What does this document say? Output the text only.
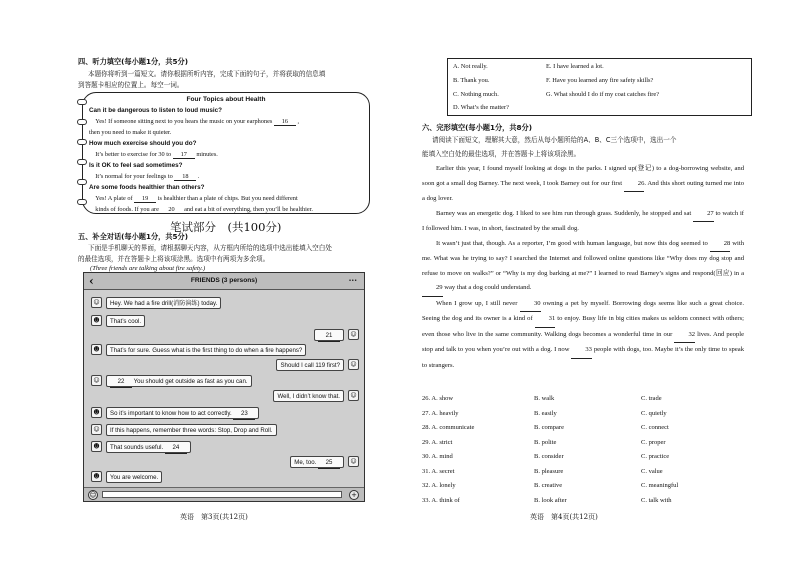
四、听力填空(每小题1分，共5分)
本题你将听到一篇短文。请你根据所听内容，完成下面的句子，并将获取的信息填
到答题卡相应的位置上。每空一词。
Four Topics about Health
Can it be dangerous to listen to loud music?
Yes! If someone sitting next to you hears the music on your earphones 16 ,
then you need to make it quieter.
How much exercise should you do?
It’s better to exercise for 30 to 17 minutes.
Is it OK to feel sad sometimes?
It’s normal for your feelings to 18 .
Are some foods healthier than others?
Yes! A plate of 19 is healthier than a plate of chips. But you need different
kinds of foods. If you are 20 and eat a bit of everything, then you’ll be healthier.
笔试部分　(共100分)
五、补全对话(每小题1分，共5分)
下面是手机聊天的界面，请根据聊天内容，从方框内所给的选项中选出能填入空白处
的最佳选项，并在答题卡上将该项涂黑。选项中有两项为多余项。
(Three friends are talking about fire safety.)
‹	FRIENDS (3 persons)	···
☺	Hey. We had a fire drill(消防演练) today.
☻	That’s cool.
☺
21
☻	That’s for sure. Guess what is the first thing to do when a fire happens?
☺
Should I call 119 first?
☺	22 You should get outside as fast as you can.
☺
Well, I didn’t know that.
☻	So it’s important to know how to act correctly. 23
☺	If this happens, remember three words: Stop, Drop and Roll.
☻	That sounds useful. 24
☺
Me, too. 25
☻	You are welcome.
☺	+
英语　第3页(共12页)
A. Not really.	E. I have learned a lot.
B. Thank you.	F. Have you learned any fire safety skills?
C. Nothing much.	G. What should I do if my coat catches fire?
D. What’s the matter?
六、完形填空(每小题1分，共8分)
请阅读下面短文，理解其大意，然后从每小题所给的A、B、C三个选项中，选出一个
能填入空白处的最佳选项，并在答题卡上将该项涂黑。

Earlier this year, I found myself looking at dogs in the parks. I signed up(登记) to a dog-borrowing website, and soon got a small dog Barney. The next week, I took Barney out for our first 26. And this short outing turned me into a dog lover.

Barney was an energetic dog. I liked to see him run through grass. Suddenly, he stopped and sat 27 to watch if I followed him. I was, in short, fascinated by the small dog.

It wasn’t just that, though. As a reporter, I’m good with human language, but now this dog seemed to 28 with me. What was he trying to say? I searched the Internet and followed online questions like “Why does my dog stop and refuse to move on walks?” or “Why is my dog barking at me?” I learned to read Barney’s signs and respond(回应) in a 29 way that a dog could understand.

When I grow up, I still never 30 owning a pet by myself. Borrowing dogs seems like such a great choice. Seeing the dog and its owner is a kind of 31 to enjoy. Busy life in big cities makes us seldom connect with others; even those who live in the same community. Walking dogs becomes a wonderful time in our 32 lives. And people stop and talk to you when you’re out with a dog. I now 33 people with dogs, too. Maybe it’s the only time to speak to strangers.

26. A. show	B. walk	C. trade
27. A. heavily	B. easily	C. quietly
28. A. communicate	B. compare	C. connect
29. A. strict	B. polite	C. proper
30. A. mind	B. consider	C. practice
31. A. secret	B. pleasure	C. value
32. A. lonely	B. creative	C. meaningful
33. A. think of	B. look after	C. talk with
英语　第4页(共12页)
